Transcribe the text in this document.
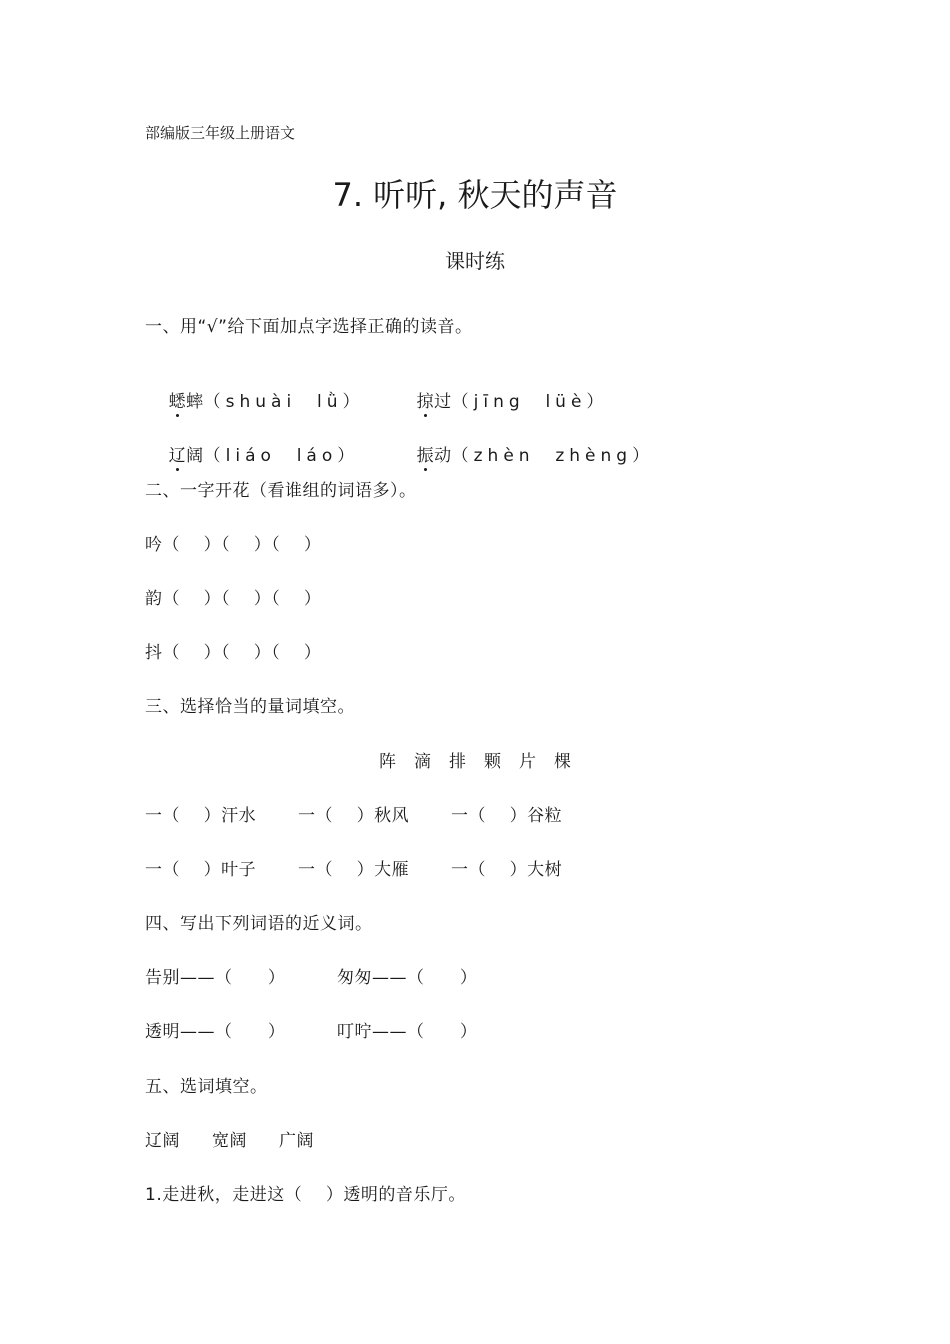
部编版三年级上册语文
7. 听听, 秋天的声音
课时练
一、用“√”给下面加点字选择正确的读音。

蟋蟀（shuài  lǜ）	掠过（jīng  lüè）

辽阔（liáo  láo）	振动（zhèn  zhèng）

二、一字开花（看谁组的词语多）。
吟（    ）（    ）（    ）
韵（    ）（    ）（    ）
抖（    ）（    ）（    ）
三、选择恰当的量词填空。
阵 滴 排 颗 片 棵
一（    ）汗水 一（    ）秋风 一（    ）谷粒
一（    ）叶子 一（    ）大雁 一（    ）大树
四、写出下列词语的近义词。
告别——（      ）	匆匆——（      ）
透明——（      ）	叮咛——（      ）
五、选词填空。
辽阔 宽阔 广阔
1.走进秋，走进这（    ）透明的音乐厅。
